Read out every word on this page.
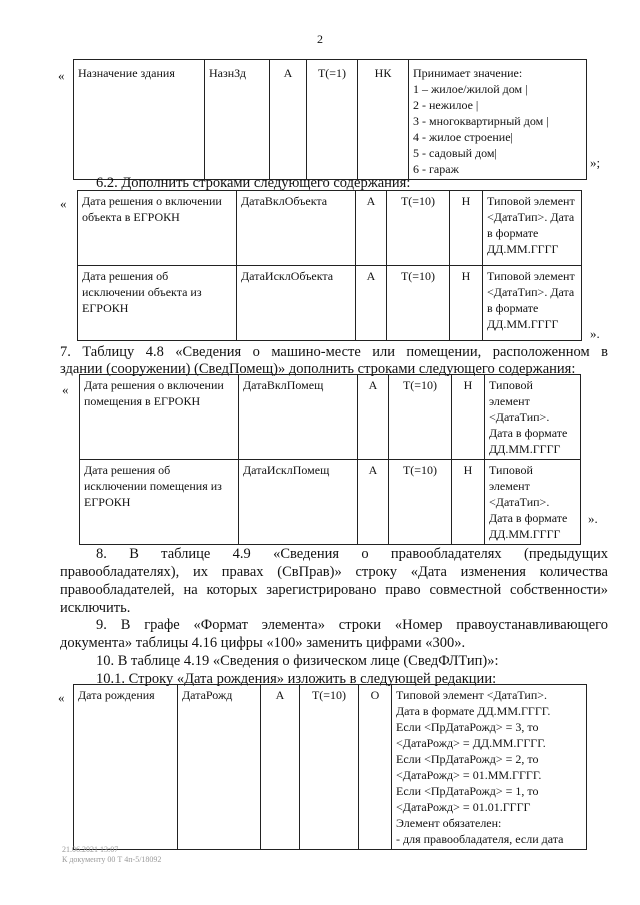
2
« Назначение здания	НазнЗд	А	Т(=1)	НК	Принимает значение:
1 – жилое/жилой дом |
2 - нежилое |
3 - многоквартирный дом |
4 - жилое строение|
5 - садовый дом|
6 - гараж	»;
6.2. Дополнить строками следующего содержания:
« Дата решения о включении объекта в ЕГРОКН	ДатаВклОбъекта	А	Т(=10)	Н	Типовой элемент <ДатаТип>. Дата в формате ДД.ММ.ГГГГ
Дата решения об исключении объекта из ЕГРОКН	ДатаИсклОбъекта	А	Т(=10)	Н	Типовой элемент <ДатаТип>. Дата в формате ДД.ММ.ГГГГ
».
7. Таблицу 4.8 «Сведения о машино-месте или помещении, расположенном в
здании (сооружении) (СведПомещ)» дополнить строками следующего содержания:
« Дата решения о включении помещения в ЕГРОКН	ДатаВклПомещ	А	Т(=10)	Н	Типовой элемент <ДатаТип>. Дата в формате ДД.ММ.ГГГГ
Дата решения об исключении помещения из ЕГРОКН	ДатаИсклПомещ	А	Т(=10)	Н	Типовой элемент <ДатаТип>. Дата в формате ДД.ММ.ГГГГ
».
8. В таблице 4.9 «Сведения о правообладателях (предыдущих
правообладателях), их правах (СвПрав)» строку «Дата изменения количества
правообладателей, на которых зарегистрировано право совместной собственности»
исключить.
9. В графе «Формат элемента» строки «Номер правоустанавливающего
документа» таблицы 4.16 цифры «100» заменить цифрами «300».
10. В таблице 4.19 «Сведения о физическом лице (СведФЛТип)»:
10.1. Строку «Дата рождения» изложить в следующей редакции:
« Дата рождения	ДатаРожд	А	Т(=10)	О	Типовой элемент <ДатаТип>.
Дата в формате ДД.ММ.ГГГГ.
Если <ПрДатаРожд> = 3, то
<ДатаРожд> = ДД.ММ.ГГГГ.
Если <ПрДатаРожд> = 2, то
<ДатаРожд> = 01.ММ.ГГГГ.
Если <ПрДатаРожд> = 1, то
<ДатаРожд> = 01.01.ГГГГ
Элемент обязателен:
- для правообладателя, если дата
21.06.2021 13:07
К документу 00 Т 4п-5/18092
